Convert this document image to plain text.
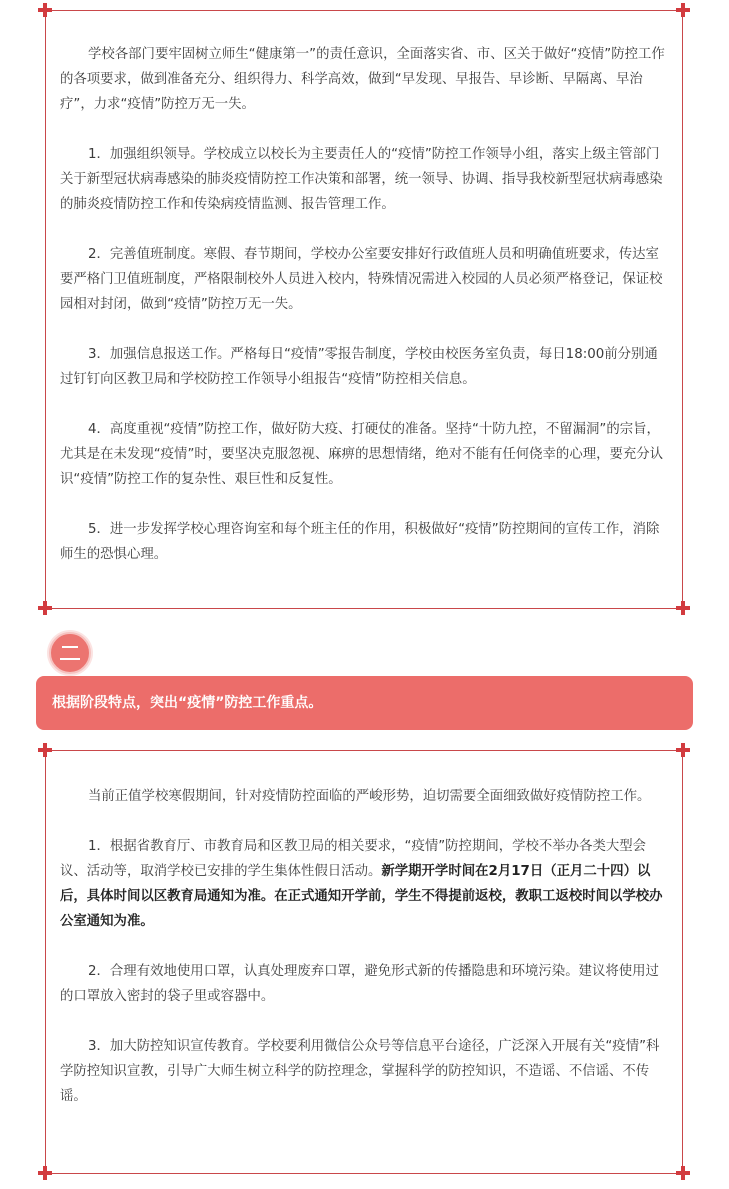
学校各部门要牢固树立师生“健康第一”的责任意识，全面落实省、市、区关于做好“疫情”防控工作的各项要求，做到准备充分、组织得力、科学高效，做到“早发现、早报告、早诊断、早隔离、早治疗”，力求“疫情”防控万无一失。

1．加强组织领导。学校成立以校长为主要责任人的“疫情”防控工作领导小组，落实上级主管部门关于新型冠状病毒感染的肺炎疫情防控工作决策和部署，统一领导、协调、指导我校新型冠状病毒感染的肺炎疫情防控工作和传染病疫情监测、报告管理工作。

2．完善值班制度。寒假、春节期间，学校办公室要安排好行政值班人员和明确值班要求，传达室要严格门卫值班制度，严格限制校外人员进入校内，特殊情况需进入校园的人员必须严格登记，保证校园相对封闭，做到“疫情”防控万无一失。

3．加强信息报送工作。严格每日“疫情”零报告制度，学校由校医务室负责，每日18:00前分别通过钉钉向区教卫局和学校防控工作领导小组报告“疫情”防控相关信息。

4．高度重视“疫情”防控工作，做好防大疫、打硬仗的准备。坚持“十防九控，不留漏洞”的宗旨，尤其是在未发现“疫情”时，要坚决克服忽视、麻痹的思想情绪，绝对不能有任何侥幸的心理，要充分认识“疫情”防控工作的复杂性、艰巨性和反复性。

5．进一步发挥学校心理咨询室和每个班主任的作用，积极做好“疫情”防控期间的宣传工作，消除师生的恐惧心理。

根据阶段特点，突出“疫情”防控工作重点。

当前正值学校寒假期间，针对疫情防控面临的严峻形势，迫切需要全面细致做好疫情防控工作。

1．根据省教育厅、市教育局和区教卫局的相关要求，“疫情”防控期间，学校不举办各类大型会议、活动等，取消学校已安排的学生集体性假日活动。新学期开学时间在2月17日（正月二十四）以后，具体时间以区教育局通知为准。在正式通知开学前，学生不得提前返校，教职工返校时间以学校办公室通知为准。

2．合理有效地使用口罩，认真处理废弃口罩，避免形式新的传播隐患和环境污染。建议将使用过的口罩放入密封的袋子里或容器中。

3．加大防控知识宣传教育。学校要利用微信公众号等信息平台途径，广泛深入开展有关“疫情”科学防控知识宣教，引导广大师生树立科学的防控理念，掌握科学的防控知识，不造谣、不信谣、不传谣。
